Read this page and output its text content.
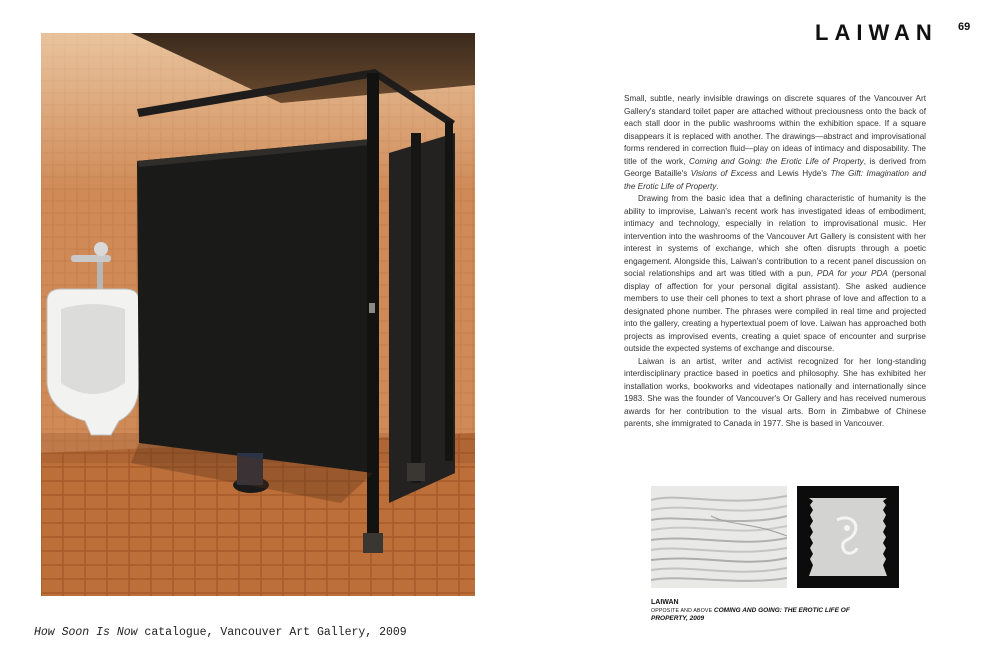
LAIWAN 69

Small, subtle, nearly invisible drawings on discrete squares of the Vancouver Art Gallery's standard toilet paper are attached without preciousness onto the back of each stall door in the public washrooms within the exhibition space. If a square disappears it is replaced with another. The drawings—abstract and improvisational forms rendered in correction fluid—play on ideas of intimacy and disposability. The title of the work, Coming and Going: the Erotic Life of Property, is derived from George Bataille's Visions of Excess and Lewis Hyde's The Gift: Imagination and the Erotic Life of Property.

Drawing from the basic idea that a defining characteristic of humanity is the ability to improvise, Laiwan's recent work has investigated ideas of embodiment, intimacy and technology, especially in relation to improvisational music. Her intervention into the washrooms of the Vancouver Art Gallery is consistent with her interest in systems of exchange, which she often disrupts through a poetic engagement. Alongside this, Laiwan's contribution to a recent panel discussion on social relationships and art was titled with a pun, PDA for your PDA (personal display of affection for your personal digital assistant). She asked audience members to use their cell phones to text a short phrase of love and affection to a designated phone number. The phrases were compiled in real time and projected into the gallery, creating a hypertextual poem of love. Laiwan has approached both projects as improvised events, creating a quiet space of encounter and surprise outside the expected systems of exchange and discourse.

Laiwan is an artist, writer and activist recognized for her long-standing interdisciplinary practice based in poetics and philosophy. She has exhibited her installation works, bookworks and videotapes nationally and internationally since 1983. She was the founder of Vancouver's Or Gallery and has received numerous awards for her contribution to the visual arts. Born in Zimbabwe of Chinese parents, she immigrated to Canada in 1977. She is based in Vancouver.

LAIWAN
OPPOSITE AND ABOVE COMING AND GOING: THE EROTIC LIFE OF PROPERTY, 2009
How Soon Is Now catalogue, Vancouver Art Gallery, 2009
